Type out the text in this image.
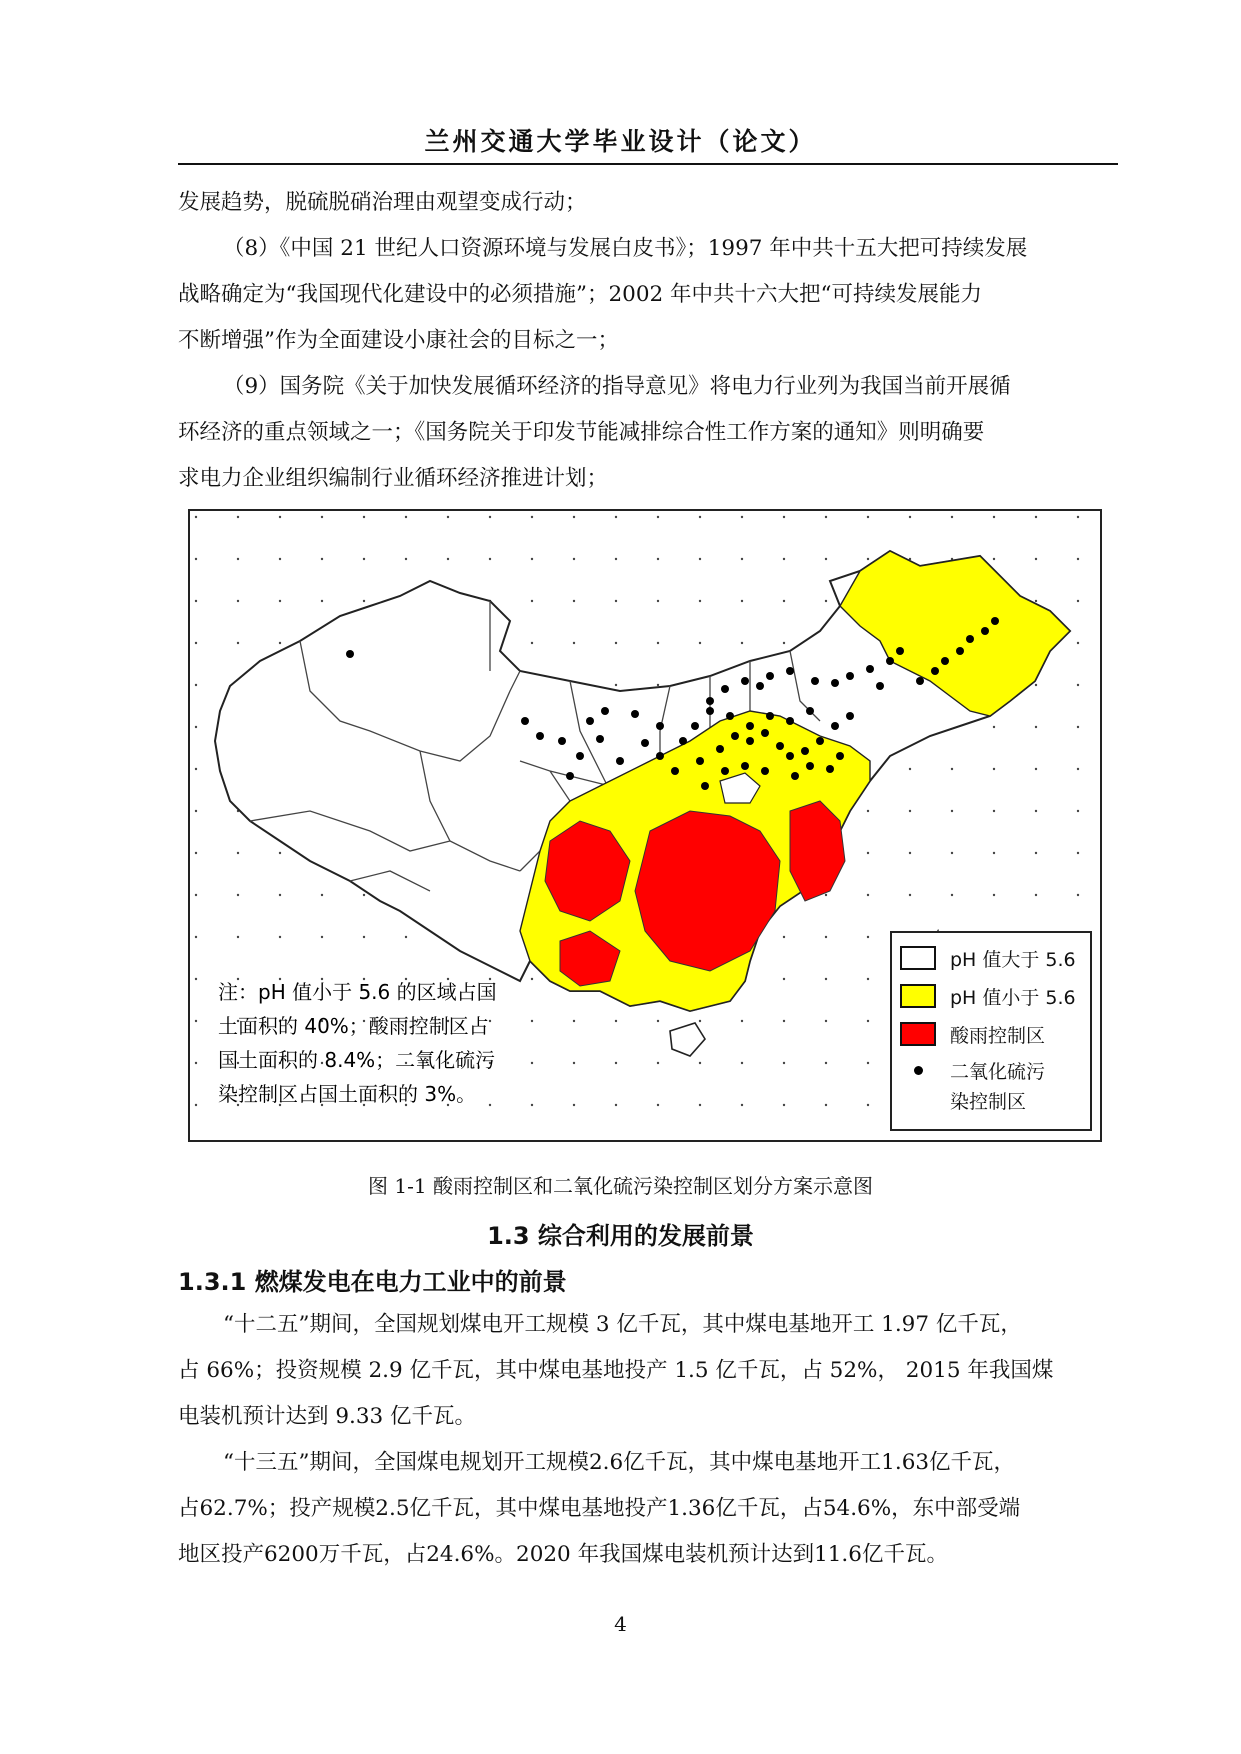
兰州交通大学毕业设计（论文）
发展趋势，脱硫脱硝治理由观望变成行动；
（8）《中国 21 世纪人口资源环境与发展白皮书》；1997 年中共十五大把可持续发展
战略确定为“我国现代化建设中的必须措施”；2002 年中共十六大把“可持续发展能力
不断增强”作为全面建设小康社会的目标之一；
（9）国务院《关于加快发展循环经济的指导意见》将电力行业列为我国当前开展循
环经济的重点领域之一；《国务院关于印发节能减排综合性工作方案的通知》则明确要
求电力企业组织编制行业循环经济推进计划；
注：pH 值小于 5.6 的区域占国
土面积的 40%；酸雨控制区占
国土面积的 8.4%；二氧化硫污
染控制区占国土面积的 3%。
pH 值大于 5.6
pH 值小于 5.6
酸雨控制区
二氧化硫污
染控制区
图 1-1 酸雨控制区和二氧化硫污染控制区划分方案示意图
1.3 综合利用的发展前景
1.3.1 燃煤发电在电力工业中的前景
“十二五”期间，全国规划煤电开工规模 3 亿千瓦，其中煤电基地开工 1.97 亿千瓦，
占 66%；投资规模 2.9 亿千瓦，其中煤电基地投产 1.5 亿千瓦，占 52%， 2015 年我国煤
电装机预计达到 9.33 亿千瓦。
“十三五”期间，全国煤电规划开工规模2.6亿千瓦，其中煤电基地开工1.63亿千瓦，
占62.7%；投产规模2.5亿千瓦，其中煤电基地投产1.36亿千瓦，占54.6%，东中部受端
地区投产6200万千瓦，占24.6%。2020 年我国煤电装机预计达到11.6亿千瓦。
4
